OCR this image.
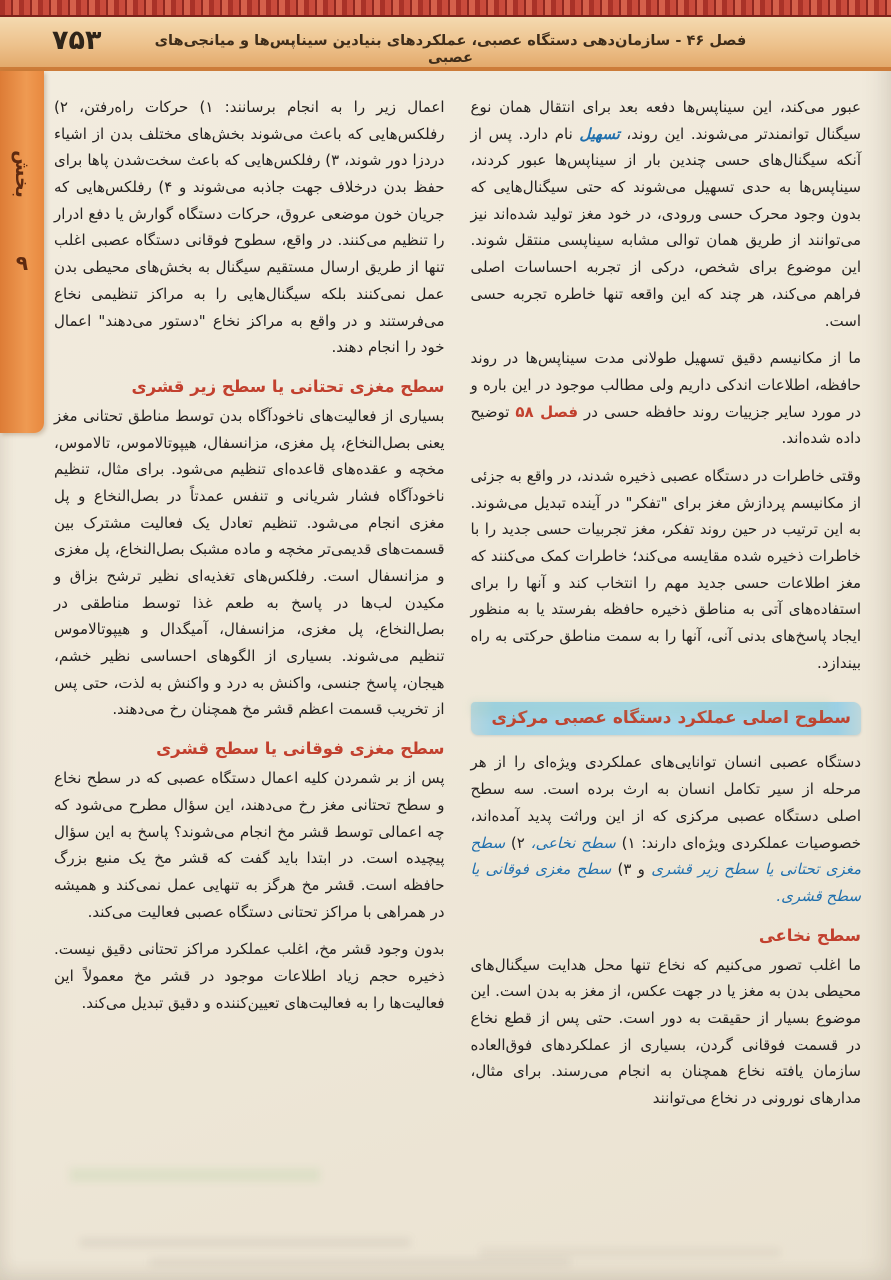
۷۵۳	فصل ۴۶ - سازمان‌دهی دستگاه عصبی، عملکردهای بنیادین سیناپس‌ها و میانجی‌های عصبی
بخش
۹

عبور می‌کند، این سیناپس‌ها دفعه بعد برای انتقال همان نوع سیگنال توانمندتر می‌شوند. این روند، تسهیل نام دارد. پس از آنکه سیگنال‌های حسی چندین بار از سیناپس‌ها عبور کردند، سیناپس‌ها به حدی تسهیل می‌شوند که حتی سیگنال‌هایی که بدون وجود محرک حسی ورودی، در خود مغز تولید شده‌اند نیز می‌توانند از طریق همان توالی مشابه سیناپسی منتقل شوند. این موضوع برای شخص، درکی از تجربه احساسات اصلی فراهم می‌کند، هر چند که این واقعه تنها خاطره تجربه حسی است.

ما از مکانیسم دقیق تسهیل طولانی مدت سیناپس‌ها در روند حافظه، اطلاعات اندکی داریم ولی مطالب موجود در این باره و در مورد سایر جزییات روند حافظه حسی در فصل ۵۸ توضیح داده شده‌اند.

وقتی خاطرات در دستگاه عصبی ذخیره شدند، در واقع به جزئی از مکانیسم پردازش مغز برای "تفکر" در آینده تبدیل می‌شوند. به این ترتیب در حین روند تفکر، مغز تجربیات حسی جدید را با خاطرات ذخیره شده مقایسه می‌کند؛ خاطرات کمک می‌کنند که مغز اطلاعات حسی جدید مهم را انتخاب کند و آنها را برای استفاده‌های آتی به مناطق ذخیره حافظه بفرستد یا به منظور ایجاد پاسخ‌های بدنی آنی، آنها را به سمت مناطق حرکتی به راه بیندازد.

سطوح اصلی عملکرد دستگاه عصبی مرکزی

دستگاه عصبی انسان توانایی‌های عملکردی ویژه‌ای را از هر مرحله از سیر تکامل انسان به ارث برده است. سه سطح اصلی دستگاه عصبی مرکزی که از این وراثت پدید آمده‌اند، خصوصیات عملکردی ویژه‌ای دارند: ۱) سطح نخاعی، ۲) سطح مغزی تحتانی یا سطح زیر قشری و ۳) سطح مغزی فوقانی یا سطح قشری.

سطح نخاعی

ما اغلب تصور می‌کنیم که نخاع تنها محل هدایت سیگنال‌های محیطی بدن به مغز یا در جهت عکس، از مغز به بدن است. این موضوع بسیار از حقیقت به دور است. حتی پس از قطع نخاع در قسمت فوقانی گردن، بسیاری از عملکردهای فوق‌العاده سازمان یافته نخاع همچنان به انجام می‌رسند. برای مثال، مدارهای نورونی در نخاع می‌توانند

اعمال زیر را به انجام برسانند: ۱) حرکات راه‌رفتن، ۲) رفلکس‌هایی که باعث می‌شوند بخش‌های مختلف بدن از اشیاء دردزا دور شوند، ۳) رفلکس‌هایی که باعث سخت‌شدن پاها برای حفظ بدن درخلاف جهت جاذبه می‌شوند و ۴) رفلکس‌هایی که جریان خون موضعی عروق، حرکات دستگاه گوارش یا دفع ادرار را تنظیم می‌کنند. در واقع، سطوح فوقانی دستگاه عصبی اغلب تنها از طریق ارسال مستقیم سیگنال به بخش‌های محیطی بدن عمل نمی‌کنند بلکه سیگنال‌هایی را به مراکز تنظیمی نخاع می‌فرستند و در واقع به مراکز نخاع "دستور می‌دهند" اعمال خود را انجام دهند.

سطح مغزی تحتانی یا سطح زیر قشری

بسیاری از فعالیت‌های ناخودآگاه بدن توسط مناطق تحتانی مغز یعنی بصل‌النخاع، پل مغزی، مزانسفال، هیپوتالاموس، تالاموس، مخچه و عقده‌های قاعده‌ای تنظیم می‌شود. برای مثال، تنظیم ناخودآگاه فشار شریانی و تنفس عمدتاً در بصل‌النخاع و پل مغزی انجام می‌شود. تنظیم تعادل یک فعالیت مشترک بین قسمت‌های قدیمی‌تر مخچه و ماده مشبک بصل‌النخاع، پل مغزی و مزانسفال است. رفلکس‌های تغذیه‌ای نظیر ترشح بزاق و مکیدن لب‌ها در پاسخ به طعم غذا توسط مناطقی در بصل‌النخاع، پل مغزی، مزانسفال، آمیگدال و هیپوتالاموس تنظیم می‌شوند. بسیاری از الگوهای احساسی نظیر خشم، هیجان، پاسخ جنسی، واکنش به درد و واکنش به لذت، حتی پس از تخریب قسمت اعظم قشر مخ همچنان رخ می‌دهند.

سطح مغزی فوقانی یا سطح قشری

پس از بر شمردن کلیه اعمال دستگاه عصبی که در سطح نخاع و سطح تحتانی مغز رخ می‌دهند، این سؤال مطرح می‌شود که چه اعمالی توسط قشر مخ انجام می‌شوند؟ پاسخ به این سؤال پیچیده است. در ابتدا باید گفت که قشر مخ یک منبع بزرگ حافظه است. قشر مخ هرگز به تنهایی عمل نمی‌کند و همیشه در همراهی با مراکز تحتانی دستگاه عصبی فعالیت می‌کند.

بدون وجود قشر مخ، اغلب عملکرد مراکز تحتانی دقیق نیست. ذخیره حجم زیاد اطلاعات موجود در قشر مخ معمولاً این فعالیت‌ها را به فعالیت‌های تعیین‌کننده و دقیق تبدیل می‌کند.
